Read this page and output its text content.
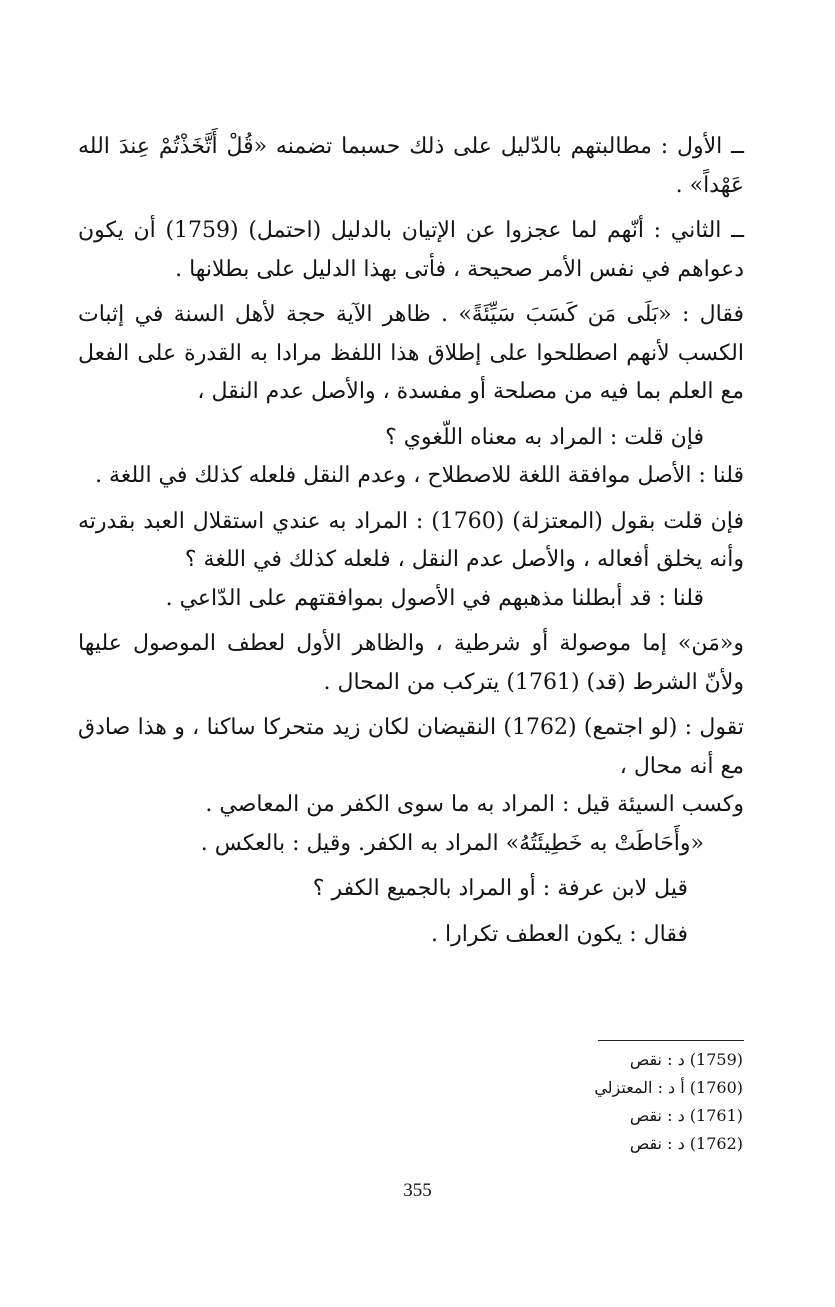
ــ الأول : مطالبتهم بالدّليل على ذلك حسبما تضمنه «قُلْ أَتَّخَذْتُمْ عِندَ الله عَهْداً» .

ــ الثاني : أنّهم لما عجزوا عن الإتيان بالدليل (احتمل) (1759) أن يكون دعواهم في نفس الأمر صحيحة ، فأتى بهذا الدليل على بطلانها .

فقال : «بَلَى مَن كَسَبَ سَيِّئَةً» . ظاهر الآية حجة لأهل السنة في إثبات الكسب لأنهم اصطلحوا على إطلاق هذا اللفظ مرادا به القدرة على الفعل مع العلم بما فيه من مصلحة أو مفسدة ، والأصل عدم النقل ،

فإن قلت : المراد به معناه اللّغوي ؟

قلنا : الأصل موافقة اللغة للاصطلاح ، وعدم النقل فلعله كذلك في اللغة .

فإن قلت بقول (المعتزلة) (1760) : المراد به عندي استقلال العبد بقدرته وأنه يخلق أفعاله ، والأصل عدم النقل ، فلعله كذلك في اللغة ؟

قلنا : قد أبطلنا مذهبهم في الأصول بموافقتهم على الدّاعي .

و«مَن» إما موصولة أو شرطية ، والظاهر الأول لعطف الموصول عليها ولأنّ الشرط (قد) (1761) يتركب من المحال .

تقول : (لو اجتمع) (1762) النقيضان لكان زيد متحركا ساكنا ، و هذا صادق مع أنه محال ،

وكسب السيئة قيل : المراد به ما سوى الكفر من المعاصي .

«وأَحَاطَتْ به خَطِيئَتُهُ» المراد به الكفر. وقيل : بالعكس .

قيل لابن عرفة : أو المراد بالجميع الكفر ؟

فقال : يكون العطف تكرارا .

(1759) د : نقص
(1760) أ د : المعتزلي
(1761) د : نقص
(1762) د : نقص
355
